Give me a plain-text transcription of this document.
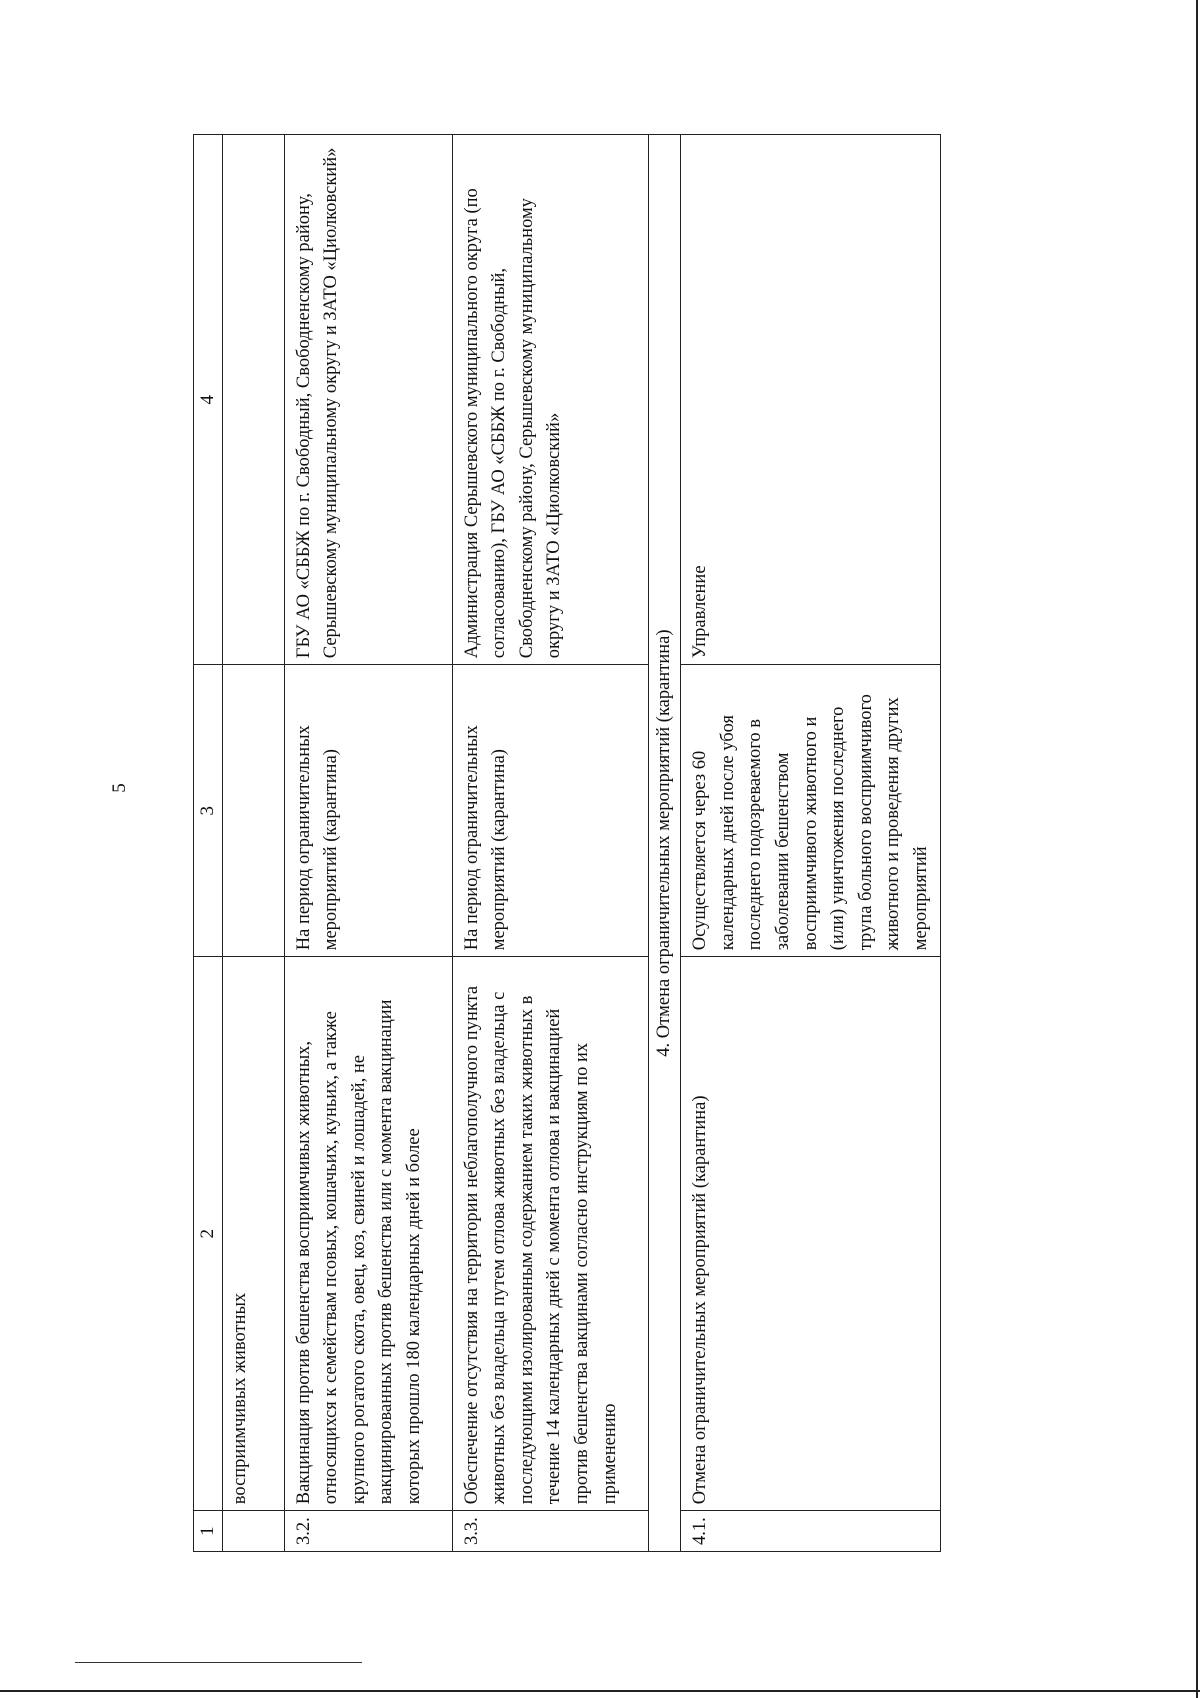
5
1	2	3	4
	восприимчивых животных		
3.2.	Вакцинация против бешенства восприимчивых животных, относящихся к семействам псовых, кошачьих, куньих, а также крупного рогатого скота, овец, коз, свиней и лошадей, не вакцинированных против бешенства или с момента вакцинации которых прошло 180 календарных дней и более	На период ограничительных мероприятий (карантина)	ГБУ АО «СББЖ по г. Свободный, Свободненскому району, Серышевскому муниципальному округу и ЗАТО «Циолковский»
3.3.	Обеспечение отсутствия на территории неблагополучного пункта животных без владельца путем отлова животных без владельца с последующими изолированным содержанием таких животных в течение 14 календарных дней с момента отлова и вакцинацией против бешенства вакцинами согласно инструкциям по их применению	На период ограничительных мероприятий (карантина)	Администрация Серышевского муниципального округа (по согласованию), ГБУ АО «СББЖ по г. Свободный, Свободненскому району, Серышевскому муниципальному округу и ЗАТО «Циолковский»
4. Отмена ограничительных мероприятий (карантина)			
4.1.	Отмена ограничительных мероприятий (карантина)	Осуществляется через 60 календарных дней после убоя последнего подозреваемого в заболевании бешенством восприимчивого животного и (или) уничтожения последнего трупа больного восприимчивого животного и проведения других мероприятий	Управление
